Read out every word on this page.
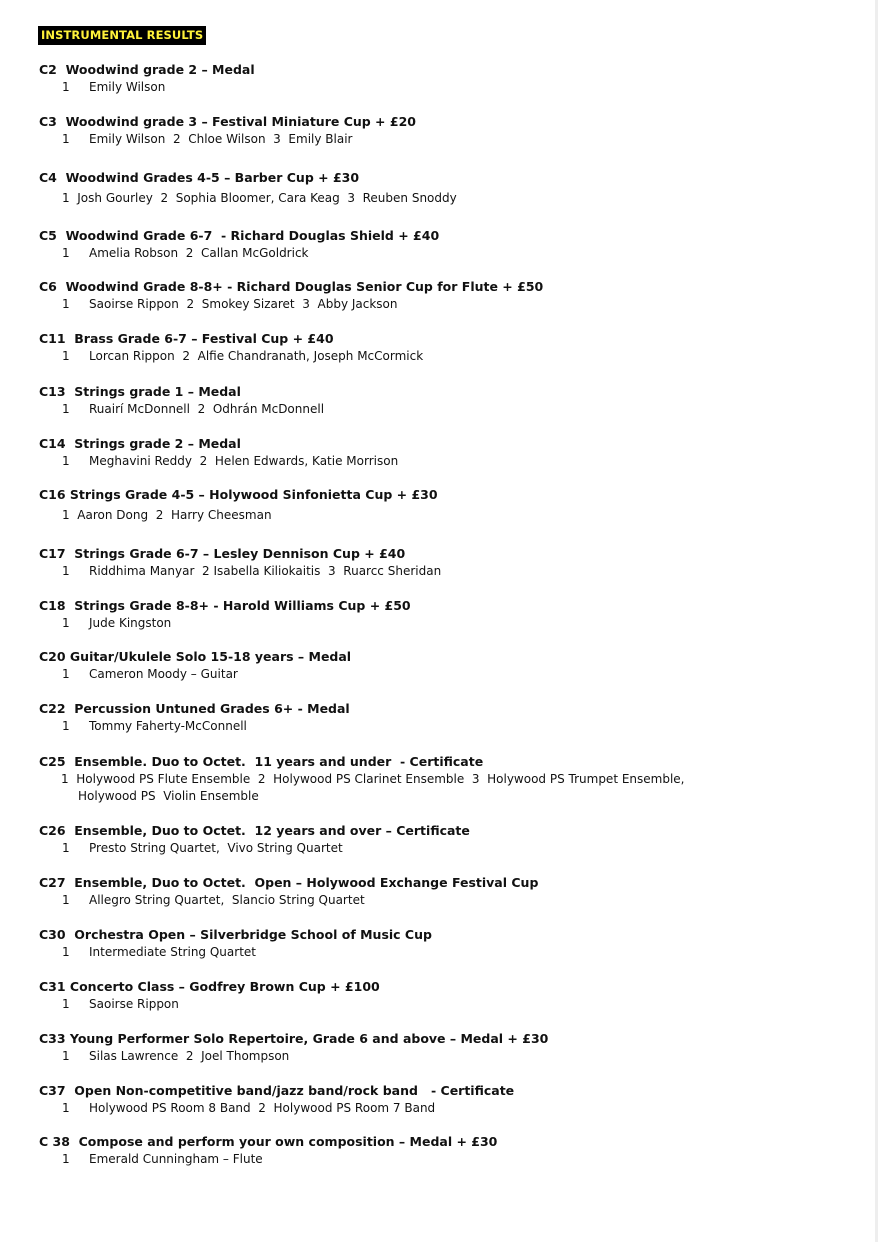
INSTRUMENTAL RESULTS
C2  Woodwind grade 2 – Medal
1 Emily Wilson
C3  Woodwind grade 3 – Festival Miniature Cup + £20
1 Emily Wilson  2  Chloe Wilson  3  Emily Blair
C4  Woodwind Grades 4-5 – Barber Cup + £30
1  Josh Gourley  2  Sophia Bloomer, Cara Keag  3  Reuben Snoddy
C5  Woodwind Grade 6-7  - Richard Douglas Shield + £40
1 Amelia Robson  2  Callan McGoldrick
C6  Woodwind Grade 8-8+ - Richard Douglas Senior Cup for Flute + £50
1 Saoirse Rippon  2  Smokey Sizaret  3  Abby Jackson
C11  Brass Grade 6-7 – Festival Cup + £40
1 Lorcan Rippon  2  Alfie Chandranath, Joseph McCormick
C13  Strings grade 1 – Medal
1 Ruairí McDonnell  2  Odhrán McDonnell
C14  Strings grade 2 – Medal
1 Meghavini Reddy  2  Helen Edwards, Katie Morrison
C16 Strings Grade 4-5 – Holywood Sinfonietta Cup + £30
1  Aaron Dong  2  Harry Cheesman
C17  Strings Grade 6-7 – Lesley Dennison Cup + £40
1 Riddhima Manyar  2 Isabella Kiliokaitis  3  Ruarcc Sheridan
C18  Strings Grade 8-8+ - Harold Williams Cup + £50
1 Jude Kingston
C20 Guitar/Ukulele Solo 15-18 years – Medal
1 Cameron Moody – Guitar
C22  Percussion Untuned Grades 6+ - Medal
1 Tommy Faherty-McConnell
C25  Ensemble. Duo to Octet.  11 years and under  - Certificate
1  Holywood PS Flute Ensemble  2  Holywood PS Clarinet Ensemble  3  Holywood PS Trumpet Ensemble,
Holywood PS  Violin Ensemble
C26  Ensemble, Duo to Octet.  12 years and over – Certificate
1 Presto String Quartet,  Vivo String Quartet
C27  Ensemble, Duo to Octet.  Open – Holywood Exchange Festival Cup
1 Allegro String Quartet,  Slancio String Quartet
C30  Orchestra Open – Silverbridge School of Music Cup
1 Intermediate String Quartet
C31 Concerto Class – Godfrey Brown Cup + £100
1 Saoirse Rippon
C33 Young Performer Solo Repertoire, Grade 6 and above – Medal + £30
1 Silas Lawrence  2  Joel Thompson
C37  Open Non-competitive band/jazz band/rock band   - Certificate
1 Holywood PS Room 8 Band  2  Holywood PS Room 7 Band
C 38  Compose and perform your own composition – Medal + £30
1 Emerald Cunningham – Flute
